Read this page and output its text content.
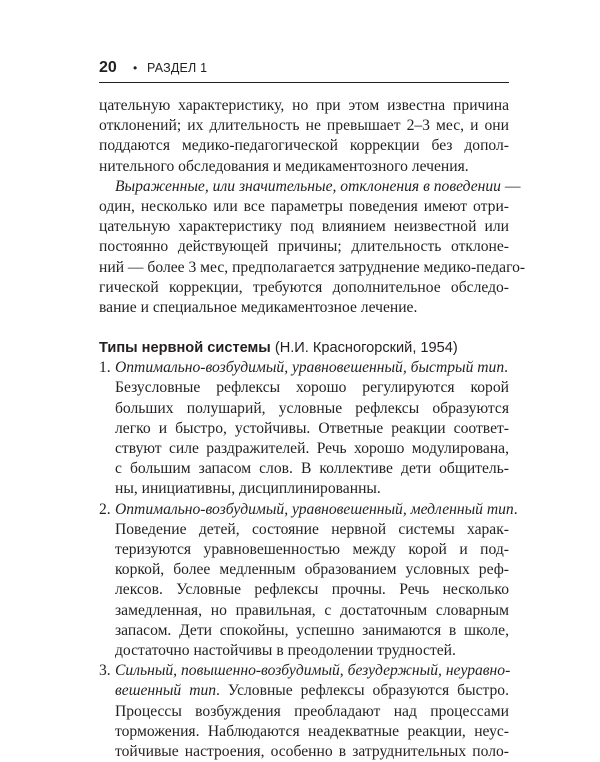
20 • РАЗДЕЛ 1

цательную характеристику, но при этом известна причина
отклонений; их длительность не превышает 2–3 мес, и они
поддаются медико-педагогической коррекции без допол-
нительного обследования и медикаментозного лечения.

Выраженные, или значительные, отклонения в поведении —
один, несколько или все параметры поведения имеют отри-
цательную характеристику под влиянием неизвестной или
постоянно действующей причины; длительность отклоне-
ний — более 3 мес, предполагается затруднение медико-педаго-
гической коррекции, требуются дополнительное обследо-
вание и специальное медикаментозное лечение.

Типы нервной системы (Н.И. Красногорский, 1954)
1. Оптимально-возбудимый, уравновешенный, быстрый тип.
Безусловные рефлексы хорошо регулируются корой
больших полушарий, условные рефлексы образуются
легко и быстро, устойчивы. Ответные реакции соответ-
ствуют силе раздражителей. Речь хорошо модулирована,
с большим запасом слов. В коллективе дети общитель-
ны, инициативны, дисциплинированны.
2. Оптимально-возбудимый, уравновешенный, медленный тип.
Поведение детей, состояние нервной системы харак-
теризуются уравновешенностью между корой и под-
коркой, более медленным образованием условных реф-
лексов. Условные рефлексы прочны. Речь несколько
замедленная, но правильная, с достаточным словарным
запасом. Дети спокойны, успешно занимаются в школе,
достаточно настойчивы в преодолении трудностей.
3. Сильный, повышенно-возбудимый, безудержный, неуравно-
вешенный тип. Условные рефлексы образуются быстро.
Процессы возбуждения преобладают над процессами
торможения. Наблюдаются неадекватные реакции, неус-
тойчивые настроения, особенно в затруднительных поло-
